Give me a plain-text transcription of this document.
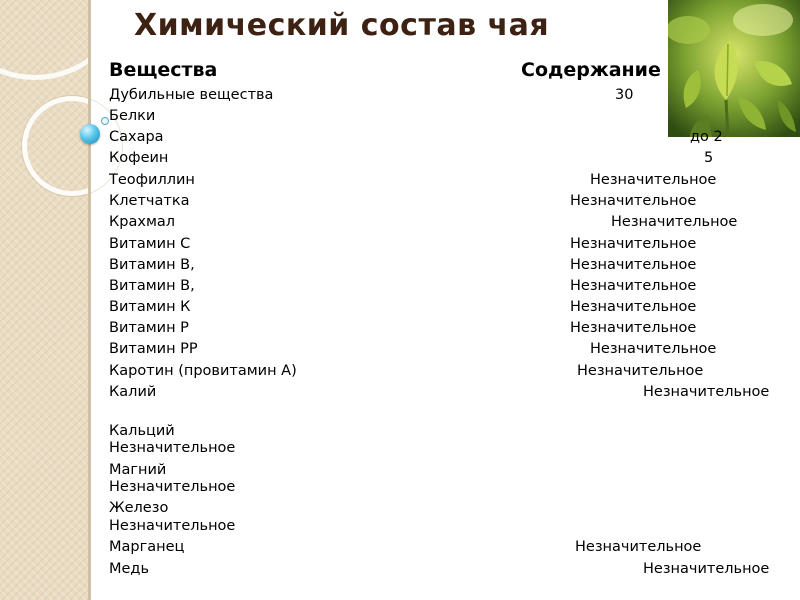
Химический состав чая
Вещества	Содержание
Дубильные вещества
Белки
Сахара
Кофеин
Теофиллин
Клетчатка
Крахмал
Витамин С
Витамин В,
Витамин В,
Витамин К
Витамин Р
Витамин РР
Каротин (провитамин А)
Калий
Кальций
Магний
Железо
Марганец
Медь
30
до 2
5
Незначительное
Незначительное
Незначительное
Незначительное
Незначительное
Незначительное
Незначительное
Незначительное
Незначительное
Незначительное
Незначительное
Незначительное
Незначительное
Незначительное
Незначительное
Незначительное
